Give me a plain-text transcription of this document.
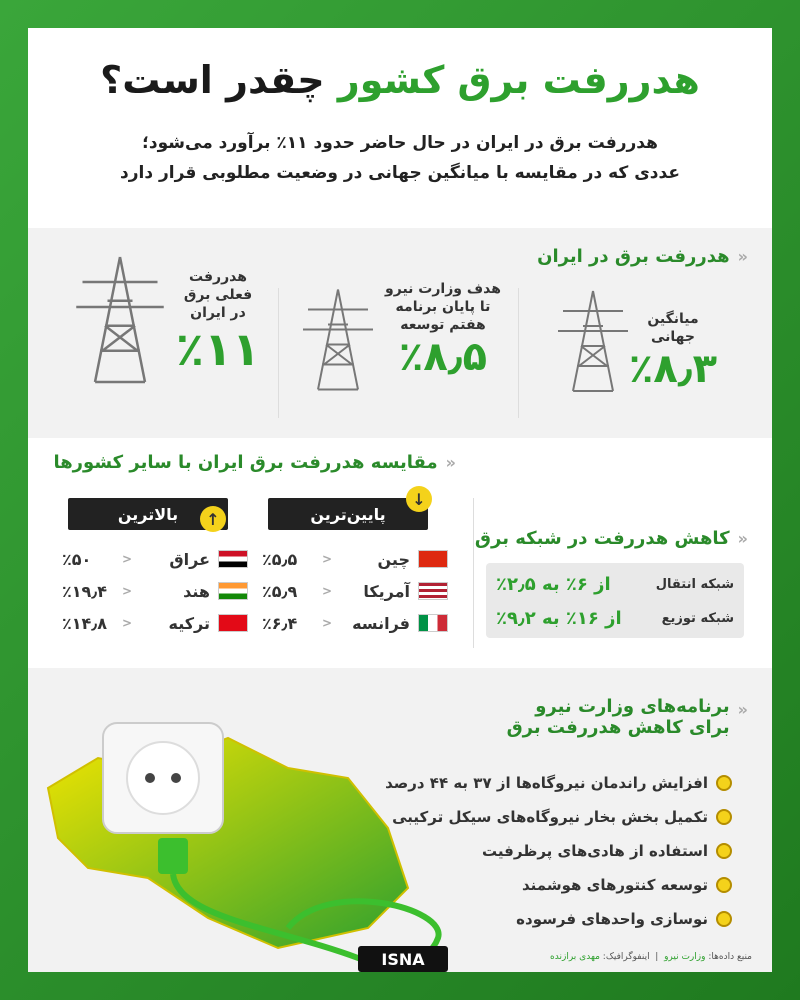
هدررفت برق کشور چقدر است؟
هدررفت برق در ایران در حال حاضر حدود ۱۱٪ برآورد می‌شود؛
عددی که در مقایسه با میانگین جهانی در وضعیت مطلوبی قرار دارد
«
هدررفت برق در ایران
میانگین
جهانی
٪۸٫۳
هدف وزارت نیرو
تا پایان برنامه
هفتم توسعه
٪۸٫۵
هدررفت
فعلی برق
در ایران
٪۱۱
«
مقایسه هدررفت برق ایران با سایر کشورها
پایین‌ترین
↓
بالاترین	↑
چین
<
٪۵٫۵
آمریکا
<
٪۵٫۹
فرانسه
<
٪۶٫۴
عراق
<
٪۵۰
هند
<
٪۱۹٫۴
ترکیه
<
٪۱۴٫۸
«
کاهش هدررفت در شبکه برق
شبکه انتقال
از ۶٪ به ۲٫۵٪
شبکه توزیع
از ۱۶٪ به ۹٫۲٪
«
برنامه‌های وزارت نیرو
برای کاهش هدررفت برق
افزایش راندمان نیروگاه‌ها از ۳۷ به ۴۴ درصد
تکمیل بخش بخار نیروگاه‌های سیکل ترکیبی
استفاده از هادی‌های پرظرفیت
توسعه کنتورهای هوشمند
نوسازی واحدهای فرسوده
ISNA	منبع داده‌ها: وزارت نیرو  |  اینفوگرافیک: مهدی برازنده
